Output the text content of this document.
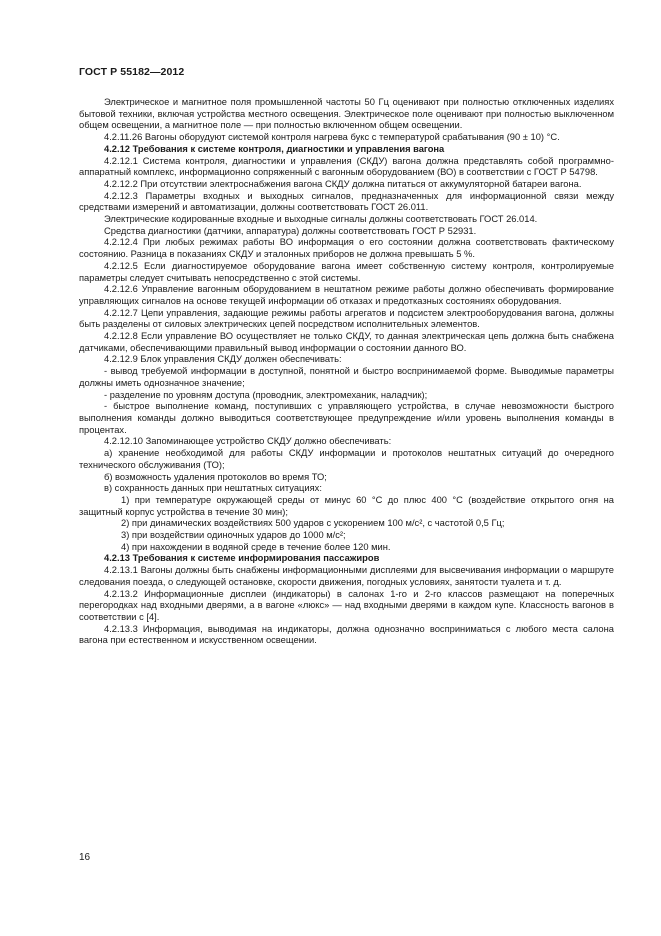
ГОСТ Р 55182—2012

Электрическое и магнитное поля промышленной частоты 50 Гц оценивают при полностью отключенных изделиях бытовой техники, включая устройства местного освещения. Электрическое поле оценивают при полностью выключенном общем освещении, а магнитное поле — при полностью включенном общем освещении.

4.2.11.26 Вагоны оборудуют системой контроля нагрева букс с температурой срабатывания (90 ± 10) °С.

4.2.12 Требования к системе контроля, диагностики и управления вагона

4.2.12.1 Система контроля, диагностики и управления (СКДУ) вагона должна представлять собой программно-аппаратный комплекс, информационно сопряженный с вагонным оборудованием (ВО) в соответствии с ГОСТ Р 54798.

4.2.12.2 При отсутствии электроснабжения вагона СКДУ должна питаться от аккумуляторной батареи вагона.

4.2.12.3 Параметры входных и выходных сигналов, предназначенных для информационной связи между средствами измерений и автоматизации, должны соответствовать ГОСТ 26.011.

Электрические кодированные входные и выходные сигналы должны соответствовать ГОСТ 26.014.

Средства диагностики (датчики, аппаратура) должны соответствовать ГОСТ Р 52931.

4.2.12.4 При любых режимах работы ВО информация о его состоянии должна соответствовать фактическому состоянию. Разница в показаниях СКДУ и эталонных приборов не должна превышать 5 %.

4.2.12.5 Если диагностируемое оборудование вагона имеет собственную систему контроля, контролируемые параметры следует считывать непосредственно с этой системы.

4.2.12.6 Управление вагонным оборудованием в нештатном режиме работы должно обеспечивать формирование управляющих сигналов на основе текущей информации об отказах и предотказных состояниях оборудования.

4.2.12.7 Цепи управления, задающие режимы работы агрегатов и подсистем электрооборудования вагона, должны быть разделены от силовых электрических цепей посредством исполнительных элементов.

4.2.12.8 Если управление ВО осуществляет не только СКДУ, то данная электрическая цепь должна быть снабжена датчиками, обеспечивающими правильный вывод информации о состоянии данного ВО.

4.2.12.9 Блок управления СКДУ должен обеспечивать:

- вывод требуемой информации в доступной, понятной и быстро воспринимаемой форме. Выводимые параметры должны иметь однозначное значение;

- разделение по уровням доступа (проводник, электромеханик, наладчик);

- быстрое выполнение команд, поступивших с управляющего устройства, в случае невозможности быстрого выполнения команды должно выводиться соответствующее предупреждение и/или уровень выполнения команды в процентах.

4.2.12.10 Запоминающее устройство СКДУ должно обеспечивать:

а) хранение необходимой для работы СКДУ информации и протоколов нештатных ситуаций до очередного технического обслуживания (ТО);

б) возможность удаления протоколов во время ТО;

в) сохранность данных при нештатных ситуациях:

1) при температуре окружающей среды от минус 60 °С до плюс 400 °С (воздействие открытого огня на защитный корпус устройства в течение 30 мин);

2) при динамических воздействиях 500 ударов с ускорением 100 м/с², с частотой 0,5 Гц;

3) при воздействии одиночных ударов до 1000 м/с²;

4) при нахождении в водяной среде в течение более 120 мин.

4.2.13 Требования к системе информирования пассажиров

4.2.13.1 Вагоны должны быть снабжены информационными дисплеями для высвечивания информации о маршруте следования поезда, о следующей остановке, скорости движения, погодных условиях, занятости туалета и т. д.

4.2.13.2 Информационные дисплеи (индикаторы) в салонах 1-го и 2-го классов размещают на поперечных перегородках над входными дверями, а в вагоне «люкс» — над входными дверями в каждом купе. Классность вагонов в соответствии с [4].

4.2.13.3 Информация, выводимая на индикаторы, должна однозначно восприниматься с любого места салона вагона при естественном и искусственном освещении.

16
